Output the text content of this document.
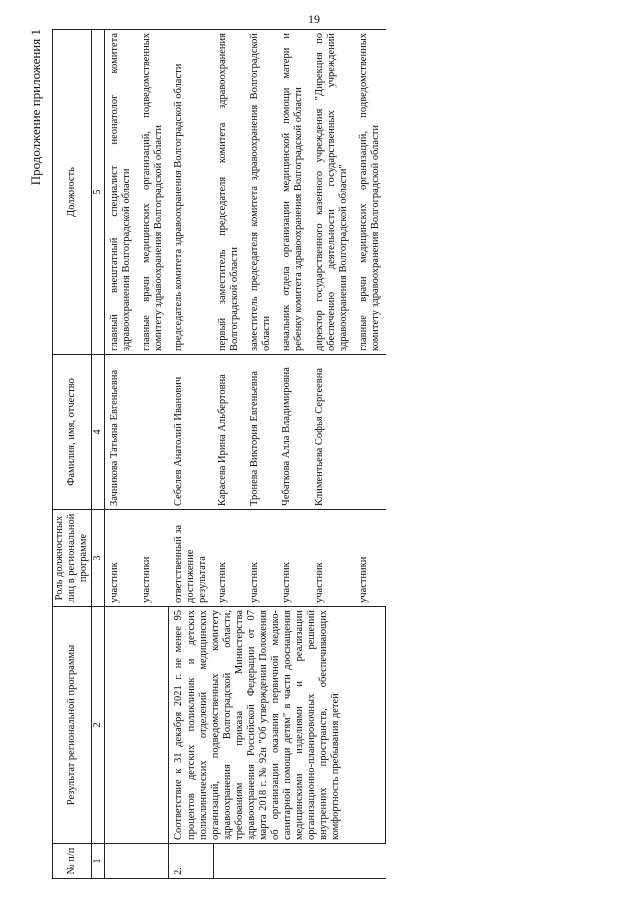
19
Продолжение приложения 1
№ п/п	Результат региональной программы	Роль должностных лиц в региональной программе	Фамилия, имя, отчество	Должность
1	2	3	4	5
		участник	Зачникова Татьяна Евгеньевна	главный внештатный специалист неонатолог комитета здравоохранения Волгоградской области
		участники		главные врачи медицинских организаций, подведомственных комитету здравоохранения Волгоградской области
2.	Соответствие к 31 декабря 2021 г. не менее 95 процентов детских поликлиник и детских поликлинических отделений медицинских организаций, подведомственных комитету здравоохранения Волгоградской области, требованиям приказа Министерства здравоохранения Российской Федерации от 07 марта 2018 г. № 92н "Об утверждении Положения об организации оказания первичной медико-санитарной помощи детям" в части дооснащения медицинскими изделиями и реализации организационно-планировочных решений внутренних пространств, обеспечивающих комфортность пребывания детей	ответственный за достижение результата	Себелев Анатолий Иванович	председатель комитета здравоохранения Волгоградской области
		участник	Карасева Ирина Альбертовна	первый заместитель председателя комитета здравоохранения Волгоградской области
		участник	Тронева Виктория Евгеньевна	заместитель председателя комитета здравоохранения Волгоградской области
		участник	Чебаткова Алла Владимировна	начальник отдела организации медицинской помощи матери и ребенку комитета здравоохранения Волгоградской области
		участник	Климентьева Софья Сергеевна	директор государственного казенного учреждения "Дирекция по обеспечению деятельности государственных учреждений здравоохранения Волгоградской области"
		участники		главные врачи медицинских организаций, подведомственных комитету здравоохранения Волгоградской области
